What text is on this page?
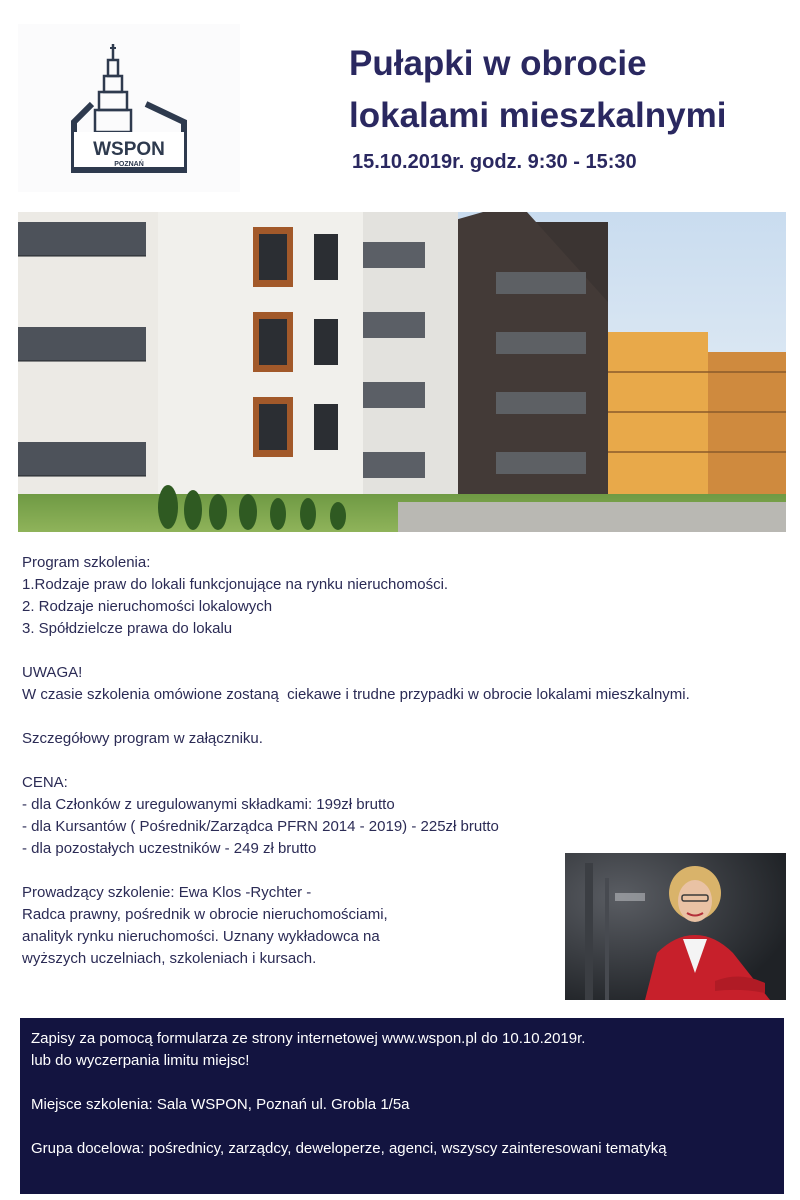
WSPON
POZNAŃ
Pułapki w obrocie
lokalami mieszkalnymi
15.10.2019r. godz. 9:30 - 15:30
Program szkolenia:
1.Rodzaje praw do lokali funkcjonujące na rynku nieruchomości.
2. Rodzaje nieruchomości lokalowych
3. Spółdzielcze prawa do lokalu
UWAGA!
W czasie szkolenia omówione zostaną  ciekawe i trudne przypadki w obrocie lokalami mieszkalnymi.
Szczegółowy program w załączniku.
CENA:
- dla Członków z uregulowanymi składkami: 199zł brutto
- dla Kursantów ( Pośrednik/Zarządca PFRN 2014 - 2019) - 225zł brutto
- dla pozostałych uczestników - 249 zł brutto
Prowadzący szkolenie: Ewa Klos -Rychter -
Radca prawny, pośrednik w obrocie nieruchomościami,
analityk rynku nieruchomości. Uznany wykładowca na
wyższych uczelniach, szkoleniach i kursach.
Zapisy za pomocą formularza ze strony internetowej www.wspon.pl do 10.10.2019r.
lub do wyczerpania limitu miejsc!
Miejsce szkolenia: Sala WSPON, Poznań ul. Grobla 1/5a
Grupa docelowa: pośrednicy, zarządcy, deweloperze, agenci, wszyscy zainteresowani tematyką
